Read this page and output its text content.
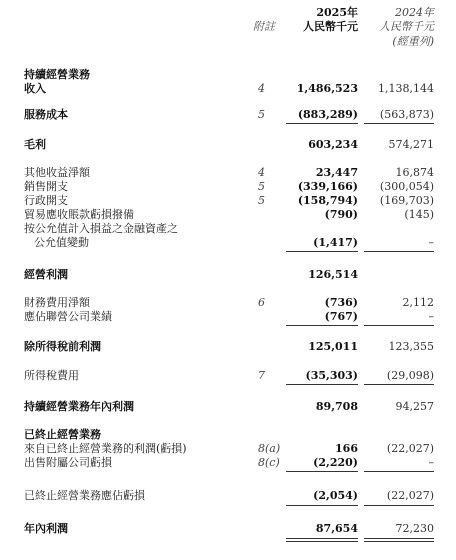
附註
2025年
人民幣千元
2024年
人民幣千元
(經重列)
持續經營業務
收入	4	1,486,523 1,138,144
服務成本	5	(883,289) (563,873)
毛利	603,234	574,271
其他收益淨額	4	23,447	16,874
銷售開支	5	(339,166) (300,054)
行政開支	5	(158,794) (169,703)
貿易應收賬款虧損撥備	(790)	(145)
按公允值計入損益之金融資產之
公允值變動	(1,417)	–
經營利潤	126,514
財務費用淨額	6	(736)	2,112
應佔聯營公司業績	(767)	–
除所得稅前利潤	125,011	123,355
所得稅費用	7	(35,303)	(29,098)
持續經營業務年內利潤	89,708	94,257
已終止經營業務
來自已終止經營業務的利潤(虧損)	8(a)	166	(22,027)
出售附屬公司虧損	8(c)	(2,220)	–
已終止經營業務應佔虧損	(2,054)	(22,027)
年內利潤	87,654	72,230
